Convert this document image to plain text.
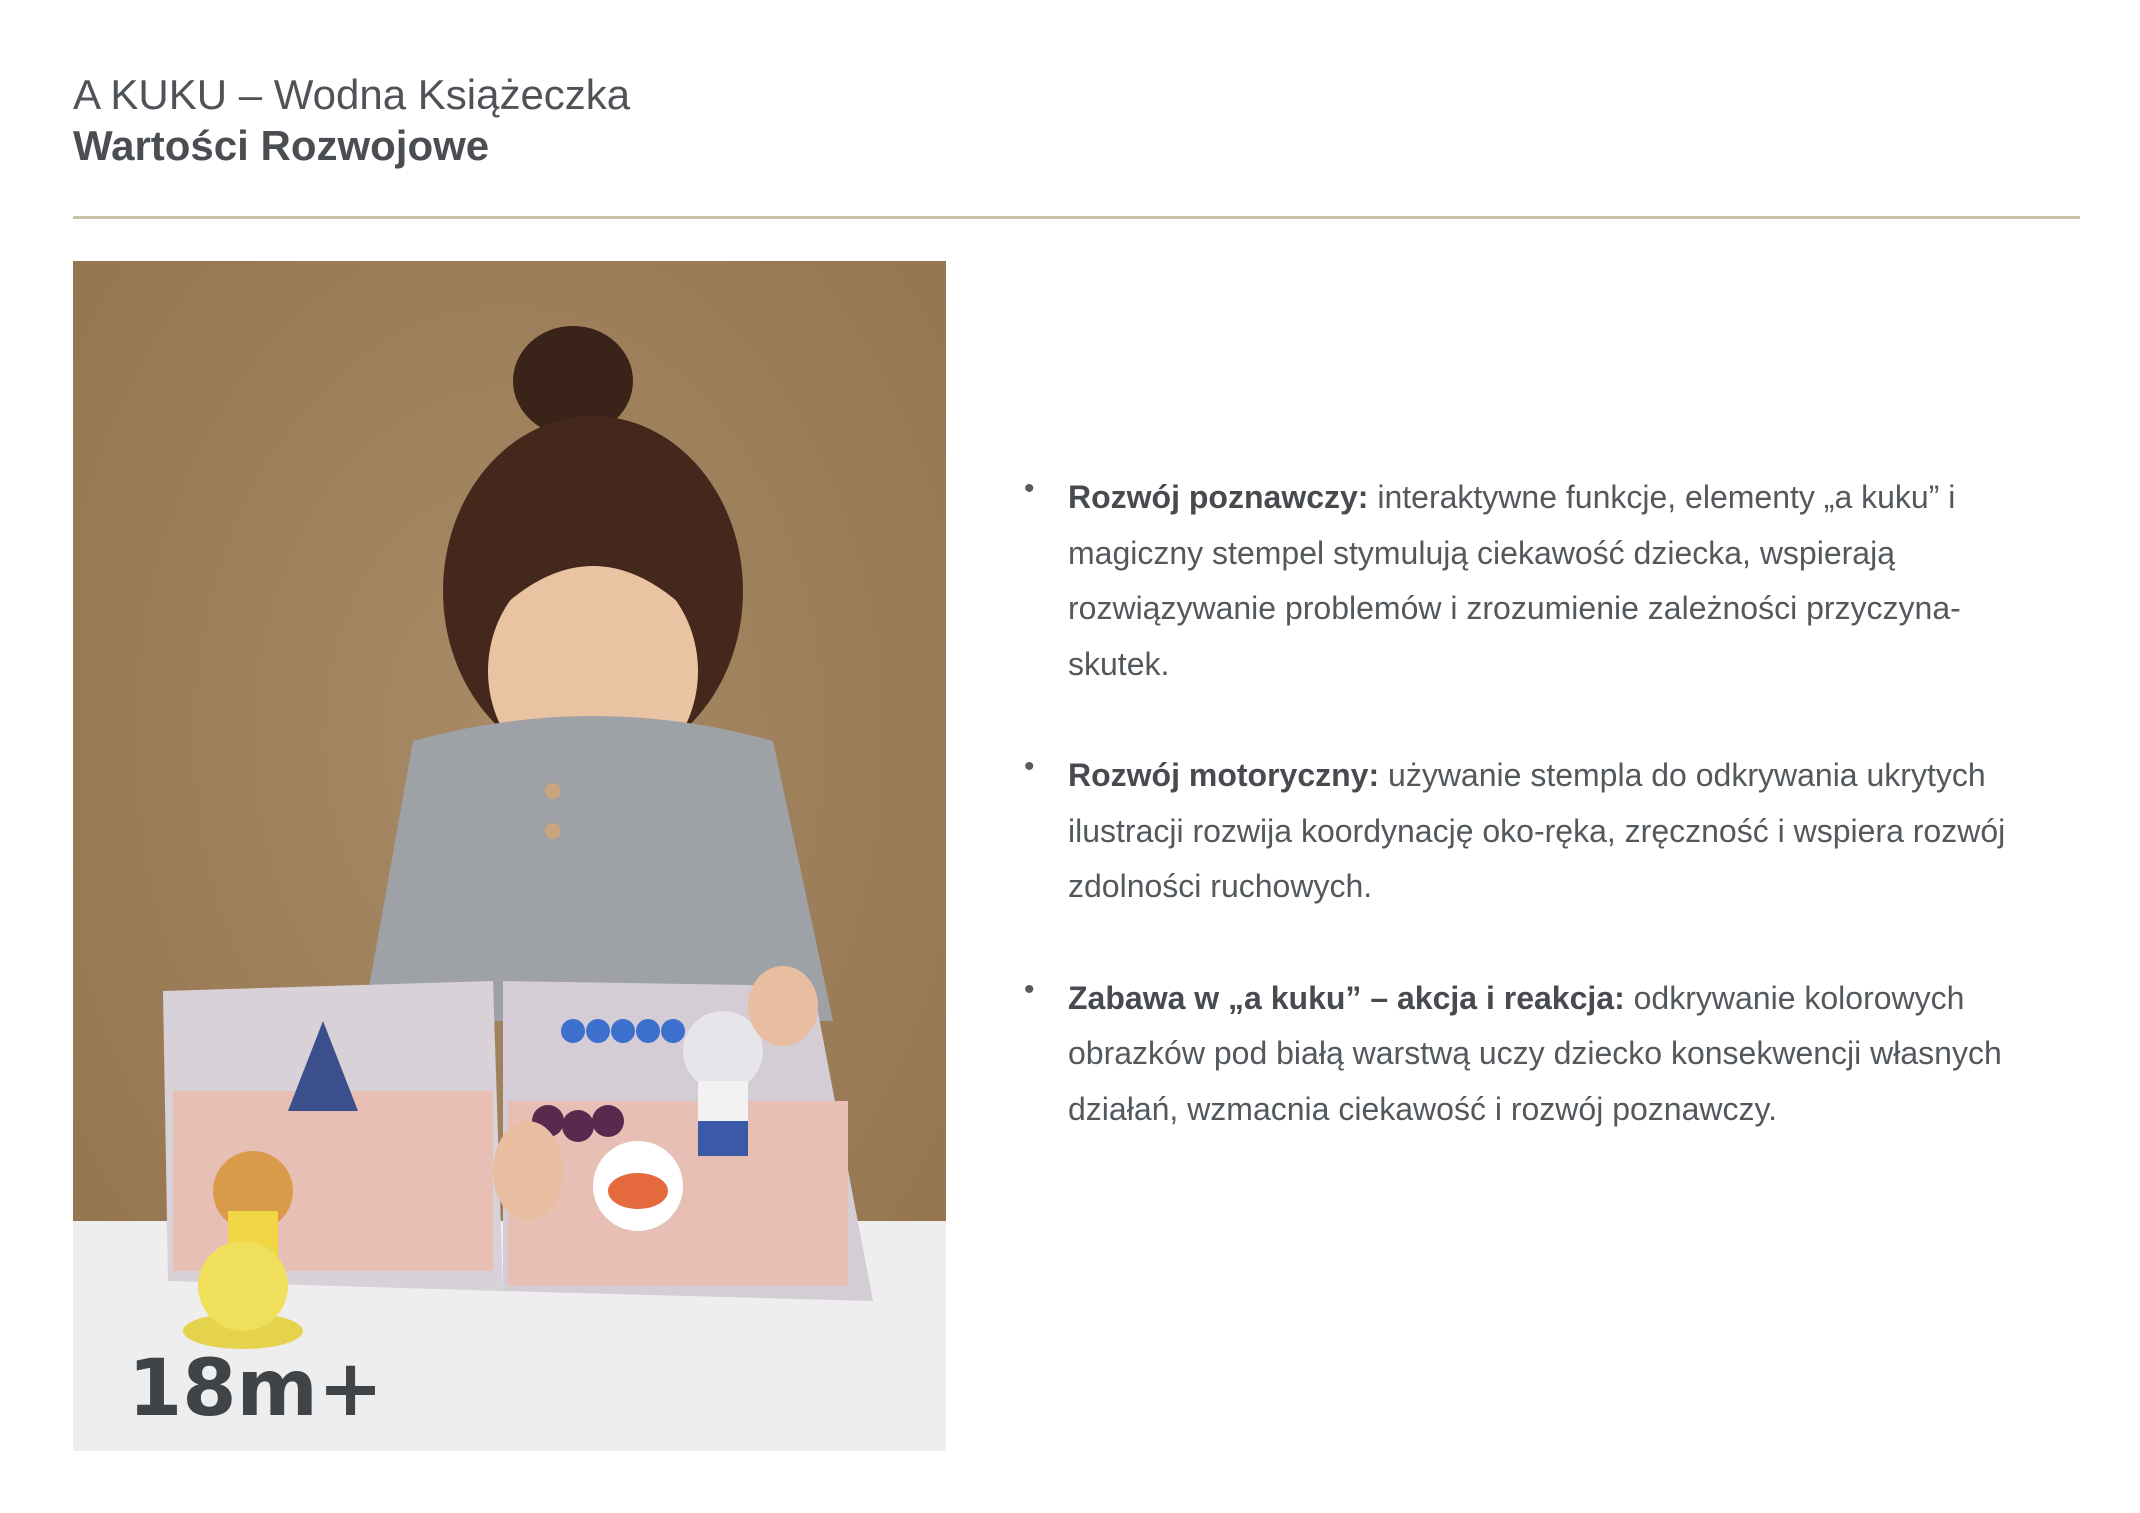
A KUKU – Wodna Książeczka
Wartości Rozwojowe
18m+
• Rozwój poznawczy: interaktywne funkcje, elementy „a kuku” i magiczny stempel stymulują ciekawość dziecka, wspierają rozwiązywanie problemów i zrozumienie zależności przyczyna-skutek.
• Rozwój motoryczny: używanie stempla do odkrywania ukrytych ilustracji rozwija koordynację oko-ręka, zręczność i wspiera rozwój zdolności ruchowych.
• Zabawa w „a kuku” – akcja i reakcja: odkrywanie kolorowych obrazków pod białą warstwą uczy dziecko konsekwencji własnych działań, wzmacnia ciekawość i rozwój poznawczy.
